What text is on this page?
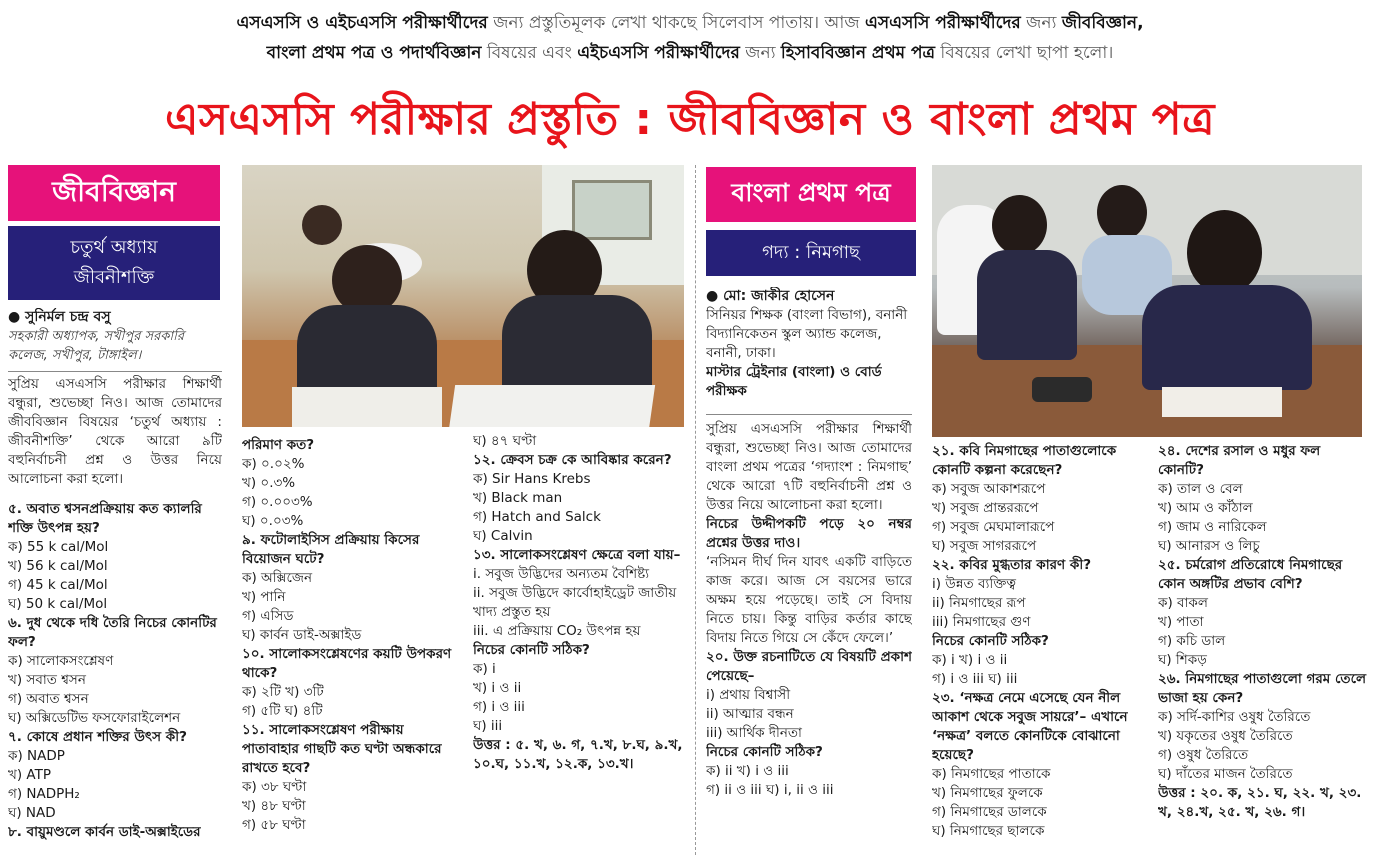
এসএসসি ও এইচএসসি পরীক্ষার্থীদের জন্য প্রস্তুতিমূলক লেখা থাকছে সিলেবাস পাতায়। আজ এসএসসি পরীক্ষার্থীদের জন্য জীববিজ্ঞান,
বাংলা প্রথম পত্র ও পদার্থবিজ্ঞান বিষয়ের এবং এইচএসসি পরীক্ষার্থীদের জন্য হিসাববিজ্ঞান প্রথম পত্র বিষয়ের লেখা ছাপা হলো।
এসএসসি পরীক্ষার প্রস্তুতি : জীববিজ্ঞান ও বাংলা প্রথম পত্র
জীববিজ্ঞান
চতুর্থ অধ্যায়
জীবনীশক্তি

● সুনির্মল চন্দ্র বসু

সহকারী অধ্যাপক, সখীপুর সরকারি কলেজ, সখীপুর, টাঙ্গাইল।

সুপ্রিয় এসএসসি পরীক্ষার শিক্ষার্থী বন্ধুরা, শুভেচ্ছা নিও। আজ তোমাদের জীববিজ্ঞান বিষয়ের ‘চতুর্থ অধ্যায় : জীবনীশক্তি’ থেকে আরো ৯টি বহুনির্বাচনী প্রশ্ন ও উত্তর নিয়ে আলোচনা করা হলো।

৫. অবাত শ্বসনপ্রক্রিয়ায় কত ক্যালরি শক্তি উৎপন্ন হয়?

ক) 55 k cal/Mol

খ) 56 k cal/Mol

গ) 45 k cal/Mol

ঘ) 50 k cal/Mol

৬. দুধ থেকে দধি তৈরি নিচের কোনটির ফল?

ক) সালোকসংশ্লেষণ

খ) সবাত শ্বসন

গ) অবাত শ্বসন

ঘ) অক্সিডেটিভ ফসফোরাইলেশন

৭. কোষে প্রধান শক্তির উৎস কী?

ক) NADP

খ) ATP

গ) NADPH₂

ঘ) NAD

৮. বায়ুমণ্ডলে কার্বন ডাই-অক্সাইডের

পরিমাণ কত?

ক) ০.০২%

খ) ০.৩%

গ) ০.০০৩%

ঘ) ০.০৩%

৯. ফটোলাইসিস প্রক্রিয়ায় কিসের বিয়োজন ঘটে?

ক) অক্সিজেন

খ) পানি

গ) এসিড

ঘ) কার্বন ডাই-অক্সাইড

১০. সালোকসংশ্লেষণের কয়টি উপকরণ থাকে?

ক) ২টি খ) ৩টি

গ) ৫টি ঘ) ৪টি

১১. সালোকসংশ্লেষণ পরীক্ষায় পাতাবাহার গাছটি কত ঘণ্টা অন্ধকারে রাখতে হবে?

ক) ৩৮ ঘণ্টা

খ) ৪৮ ঘণ্টা

গ) ৫৮ ঘণ্টা

ঘ) ৪৭ ঘণ্টা

১২. ক্রেবস চক্র কে আবিষ্কার করেন?

ক) Sir Hans Krebs

খ) Black man

গ) Hatch and Salck

ঘ) Calvin

১৩. সালোকসংশ্লেষণ ক্ষেত্রে বলা যায়–

i. সবুজ উদ্ভিদের অন্যতম বৈশিষ্ট্য

ii. সবুজ উদ্ভিদে কার্বোহাইড্রেট জাতীয় খাদ্য প্রস্তুত হয়

iii. এ প্রক্রিয়ায় CO₂ উৎপন্ন হয়

নিচের কোনটি সঠিক?

ক) i

খ) i ও ii

গ) i ও iii

ঘ) iii

উত্তর : ৫. খ, ৬. গ, ৭.খ, ৮.ঘ, ৯.খ, ১০.ঘ, ১১.খ, ১২.ক, ১৩.খ।

বাংলা প্রথম পত্র
গদ্য : নিমগাছ

● মো: জাকীর হোসেন

সিনিয়র শিক্ষক (বাংলা বিভাগ), বনানী বিদ্যানিকেতন স্কুল অ্যান্ড কলেজ, বনানী, ঢাকা।

মাস্টার ট্রেইনার (বাংলা) ও বোর্ড পরীক্ষক

সুপ্রিয় এসএসসি পরীক্ষার শিক্ষার্থী বন্ধুরা, শুভেচ্ছা নিও। আজ তোমাদের বাংলা প্রথম পত্রের ‘গদ্যাংশ : নিমগাছ’ থেকে আরো ৭টি বহুনির্বাচনী প্রশ্ন ও উত্তর নিয়ে আলোচনা করা হলো।

নিচের উদ্দীপকটি পড়ে ২০ নম্বর প্রশ্নের উত্তর দাও।

‘নসিমন দীর্ঘ দিন যাবৎ একটি বাড়িতে কাজ করে। আজ সে বয়সের ভারে অক্ষম হয়ে পড়েছে। তাই সে বিদায় নিতে চায়। কিন্তু বাড়ির কর্তার কাছে বিদায় নিতে গিয়ে সে কেঁদে ফেলে।’

২০. উক্ত রচনাটিতে যে বিষয়টি প্রকাশ পেয়েছে–

i) প্রথায় বিশ্বাসী

ii) আত্মার বন্ধন

iii) আর্থিক দীনতা

নিচের কোনটি সঠিক?

ক) ii খ) i ও iii

গ) ii ও iii ঘ) i, ii ও iii

২১. কবি নিমগাছের পাতাগুলোকে কোনটি কল্পনা করেছেন?

ক) সবুজ আকাশরূপে

খ) সবুজ প্রান্তররূপে

গ) সবুজ মেঘমালারূপে

ঘ) সবুজ সাগররূপে

২২. কবির মুগ্ধতার কারণ কী?

i) উন্নত ব্যক্তিত্ব

ii) নিমগাছের রূপ

iii) নিমগাছের গুণ

নিচের কোনটি সঠিক?

ক) i খ) i ও ii

গ) i ও iii ঘ) iii

২৩. ‘নক্ষত্র নেমে এসেছে যেন নীল আকাশ থেকে সবুজ সায়রে’– এখানে ‘নক্ষত্র’ বলতে কোনটিকে বোঝানো হয়েছে?

ক) নিমগাছের পাতাকে

খ) নিমগাছের ফুলকে

গ) নিমগাছের ডালকে

ঘ) নিমগাছের ছালকে

২৪. দেশের রসাল ও মধুর ফল কোনটি?

ক) তাল ও বেল

খ) আম ও কাঁঠাল

গ) জাম ও নারিকেল

ঘ) আনারস ও লিচু

২৫. চর্মরোগ প্রতিরোধে নিমগাছের কোন অঙ্গটির প্রভাব বেশি?

ক) বাকল

খ) পাতা

গ) কচি ডাল

ঘ) শিকড়

২৬. নিমগাছের পাতাগুলো গরম তেলে ভাজা হয় কেন?

ক) সর্দি-কাশির ওষুধ তৈরিতে

খ) যকৃতের ওষুধ তৈরিতে

গ) ওষুধ তৈরিতে

ঘ) দাঁতের মাজন তৈরিতে

উত্তর : ২০. ক, ২১. ঘ, ২২. খ, ২৩. খ, ২৪.খ, ২৫. খ, ২৬. গ।
